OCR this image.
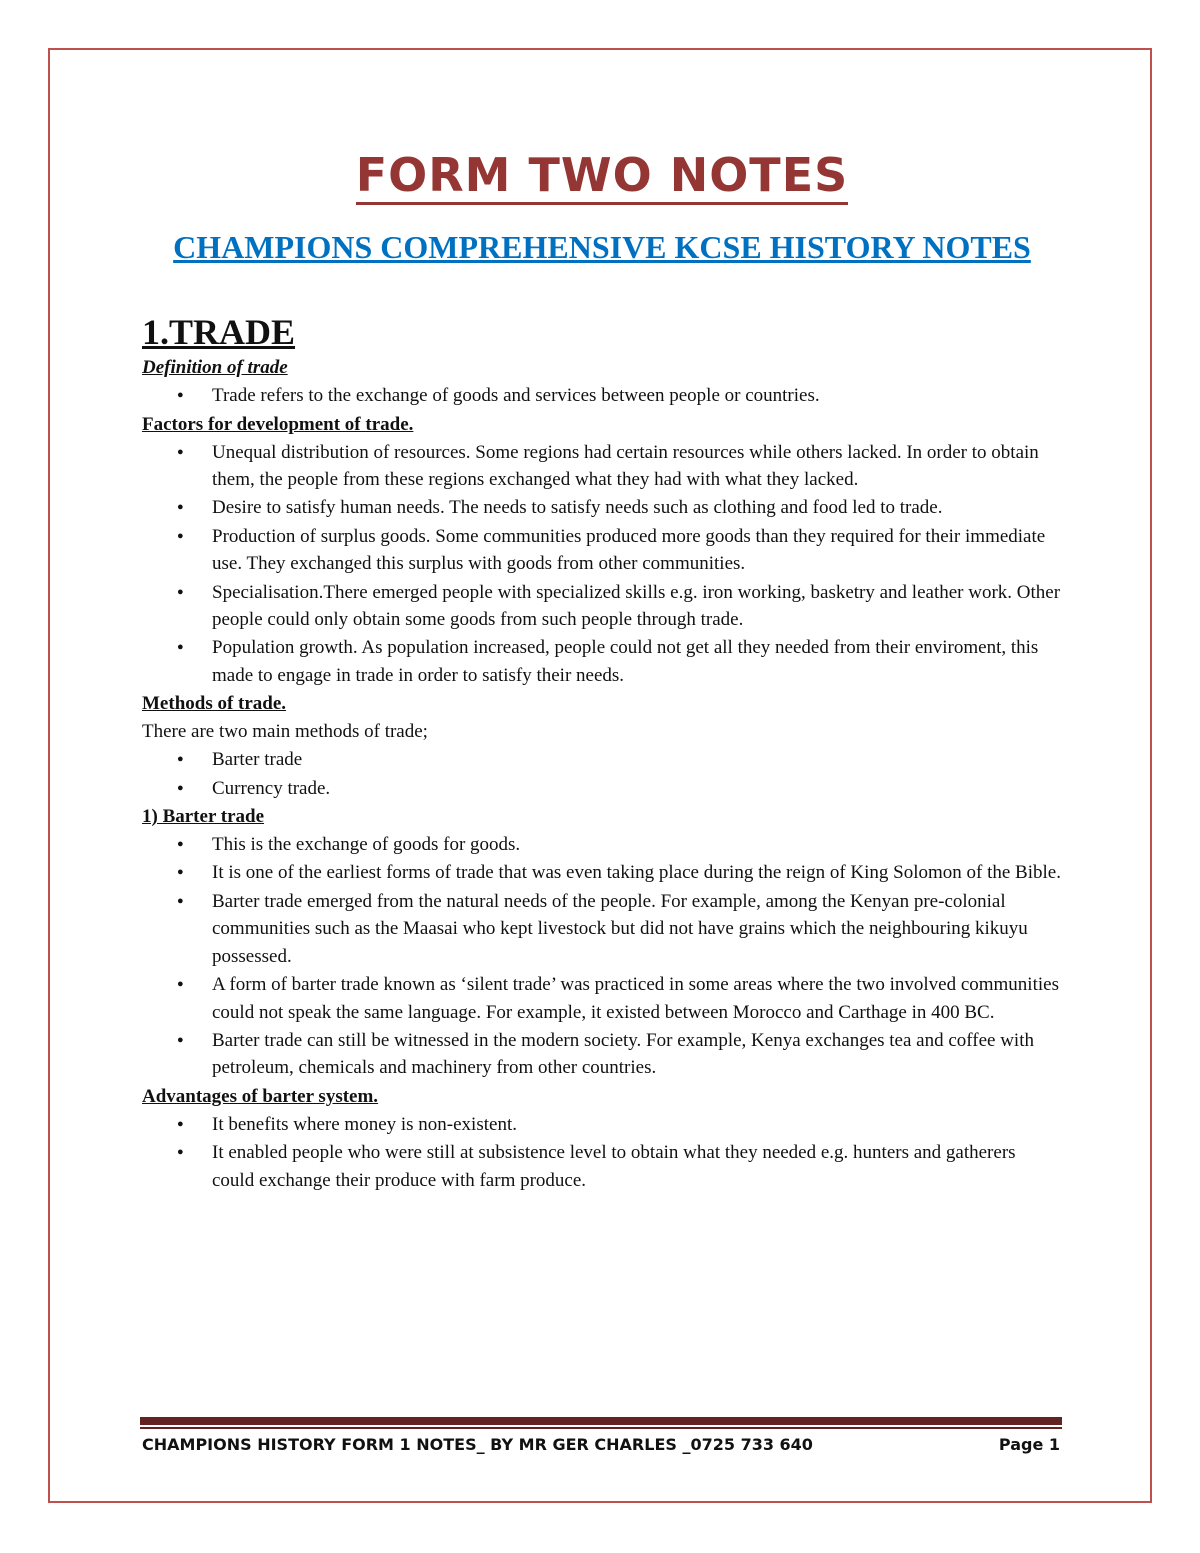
FORM TWO NOTES
CHAMPIONS COMPREHENSIVE KCSE HISTORY NOTES
1.TRADE
Definition of trade
● Trade refers to the exchange of goods and services between people or countries.
Factors for development of trade.
● Unequal distribution of resources. Some regions had certain resources while others lacked. In order to obtain them, the people from these regions exchanged what they had with what they lacked.
● Desire to satisfy human needs. The needs to satisfy needs such as clothing and food led to trade.
● Production of surplus goods. Some communities produced more goods than they required for their immediate use. They exchanged this surplus with goods from other communities.
● Specialisation.There emerged people with specialized skills e.g. iron working, basketry and leather work. Other people could only obtain some goods from such people through trade.
● Population growth. As population increased, people could not get all they needed from their enviroment, this made to engage in trade in order to satisfy their needs.
Methods of trade.

There are two main methods of trade;

● Barter trade
● Currency trade.
1) Barter trade
● This is the exchange of goods for goods.
● It is one of the earliest forms of trade that was even taking place during the reign of King Solomon of the Bible.
● Barter trade emerged from the natural needs of the people. For example, among the Kenyan pre-colonial communities such as the Maasai who kept livestock but did not have grains which the neighbouring kikuyu possessed.
● A form of barter trade known as ‘silent trade’ was practiced in some areas where the two involved communities could not speak the same language. For example, it existed between Morocco and Carthage in 400 BC.
● Barter trade can still be witnessed in the modern society. For example, Kenya exchanges tea and coffee with petroleum, chemicals and machinery from other countries.
Advantages of barter system.
● It benefits where money is non-existent.
● It enabled people who were still at subsistence level to obtain what they needed e.g. hunters and gatherers could exchange their produce with farm produce.
CHAMPIONS HISTORY FORM 1 NOTES_ BY MR GER CHARLES _0725 733 640	Page 1
